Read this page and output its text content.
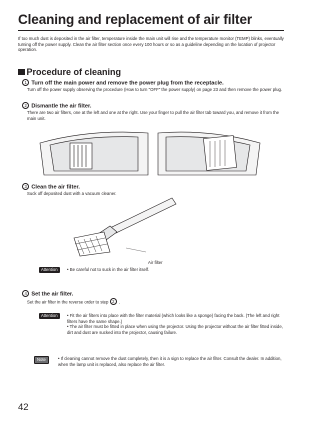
Cleaning and replacement of air filter
If too much dust is deposited in the air filter, temperature inside the main unit will rise and the temperature monitor (TEMP) blinks, eventually turning off the power supply. Clean the air filter section once every 100 hours or so as a guideline depending on the location of projector operation.
Procedure of cleaning
1 Turn off the main power and remove the power plug from the receptacle.
Turn off the power supply observing the procedure (How to turn "OFF" the power supply) on page 23 and then remove the power plug.
2 Dismantle the air filter.
There are two air filters, one at the left and one at the right. Use your finger to pull the air filter tab toward you, and remove it from the main unit.
3 Clean the air filter.
Suck off deposited dust with a vacuum cleaner.
Air filter
Attention	• Be careful not to suck in the air filter itself.
4 Set the air filter.
Set the air filter in the reverse order to step 2 .
Attention	• Fit the air filters into place with the filter material (which looks like a sponge) facing the back. (The left and right filters have the same shape.)
• The air filter must be fitted in place when using the projector. Using the projector without the air filter fitted inside, dirt and dust are sucked into the projector, causing failure.
Note	• If cleaning cannot remove the dust completely, then it is a sign to replace the air filter. Consult the dealer. In addition, when the lamp unit is replaced, also replace the air filter.
42
